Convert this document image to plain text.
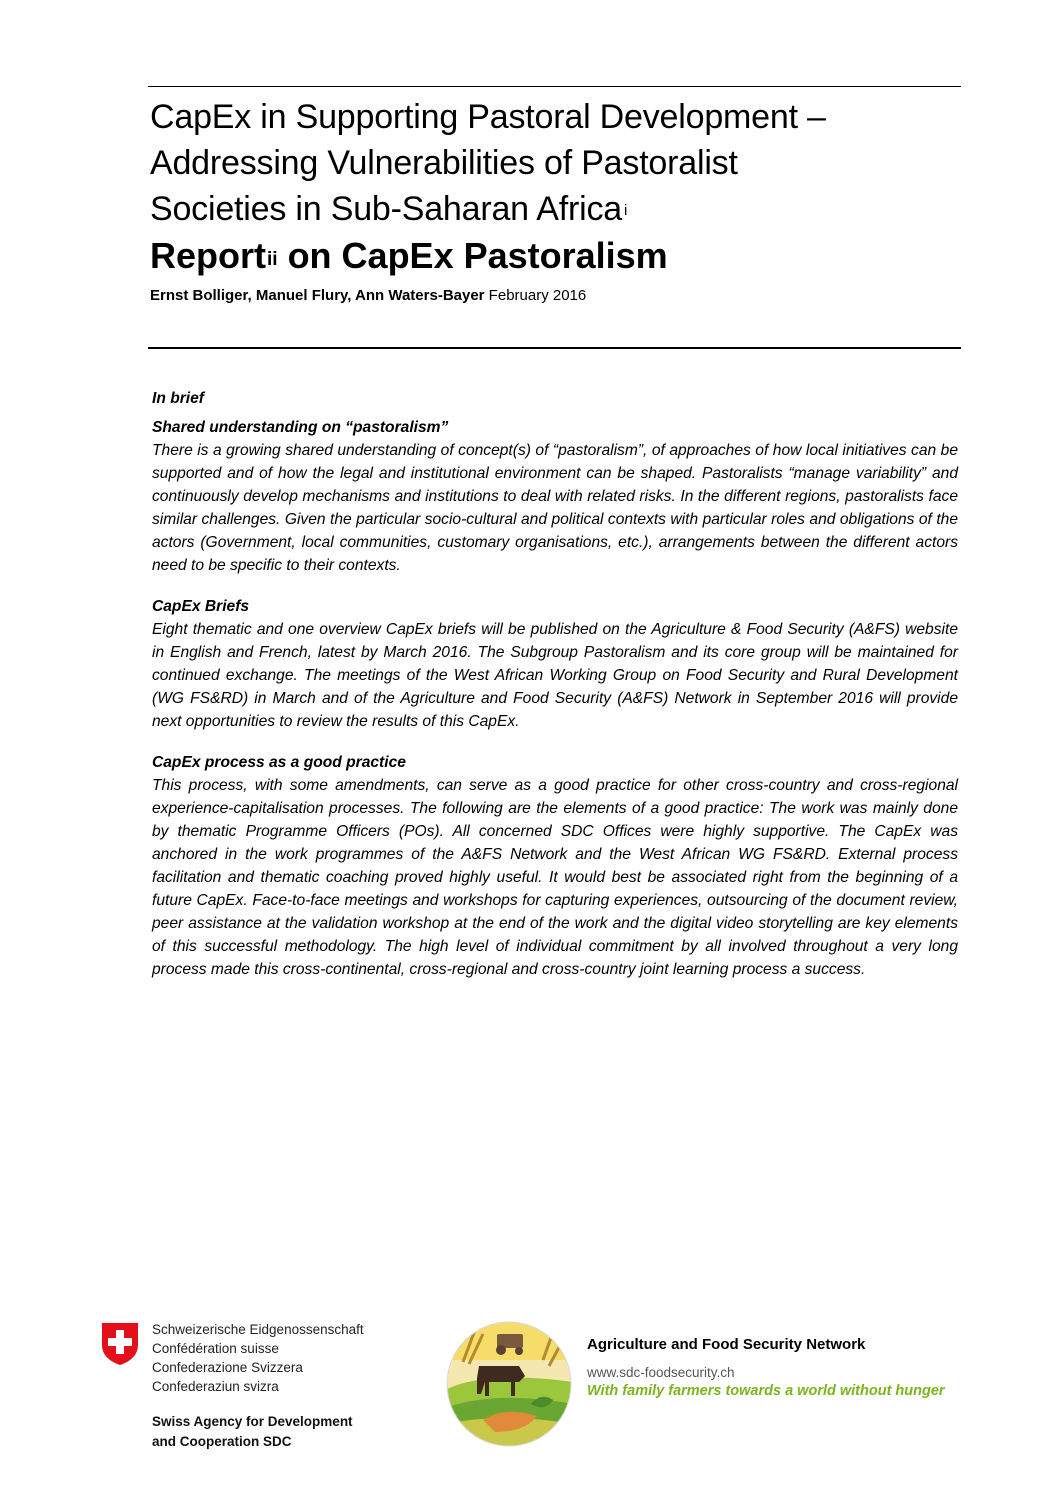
CapEx in Supporting Pastoral Development –
Addressing Vulnerabilities of Pastoralist
Societies in Sub-Saharan Africa $^i$
Report$^{ii}$ on CapEx Pastoralism
Ernst Bolliger, Manuel Flury, Ann Waters-Bayer February 2016
In brief
Shared understanding on “pastoralism”

There is a growing shared understanding of concept(s) of “pastoralism”, of approaches of how local initiatives can be supported and of how the legal and institutional environment can be shaped. Pastoralists “manage variability” and continuously develop mechanisms and institutions to deal with related risks. In the different regions, pastoralists face similar challenges. Given the particular socio-cultural and political contexts with particular roles and obligations of the actors (Government, local communities, customary organisations, etc.), arrangements between the different actors need to be specific to their contexts.

CapEx Briefs

Eight thematic and one overview CapEx briefs will be published on the Agriculture & Food Security (A&FS) website in English and French, latest by March 2016. The Subgroup Pastoralism and its core group will be maintained for continued exchange. The meetings of the West African Working Group on Food Security and Rural Development (WG FS&RD) in March and of the Agriculture and Food Security (A&FS) Network in September 2016 will provide next opportunities to review the results of this CapEx.

CapEx process as a good practice

This process, with some amendments, can serve as a good practice for other cross-country and cross-regional experience-capitalisation processes. The following are the elements of a good practice: The work was mainly done by thematic Programme Officers (POs). All concerned SDC Offices were highly supportive. The CapEx was anchored in the work programmes of the A&FS Network and the West African WG FS&RD. External process facilitation and thematic coaching proved highly useful. It would best be associated right from the beginning of a future CapEx. Face-to-face meetings and workshops for capturing experiences, outsourcing of the document review, peer assistance at the validation workshop at the end of the work and the digital video storytelling are key elements of this successful methodology. The high level of individual commitment by all involved throughout a very long process made this cross-continental, cross-regional and cross-country joint learning process a success.

Schweizerische Eidgenossenschaft
Confédération suisse
Confederazione Svizzera
Confederaziun svizra
Swiss Agency for Development
and Cooperation SDC
Agriculture and Food Security Network
www.sdc-foodsecurity.ch
With family farmers towards a world without hunger
